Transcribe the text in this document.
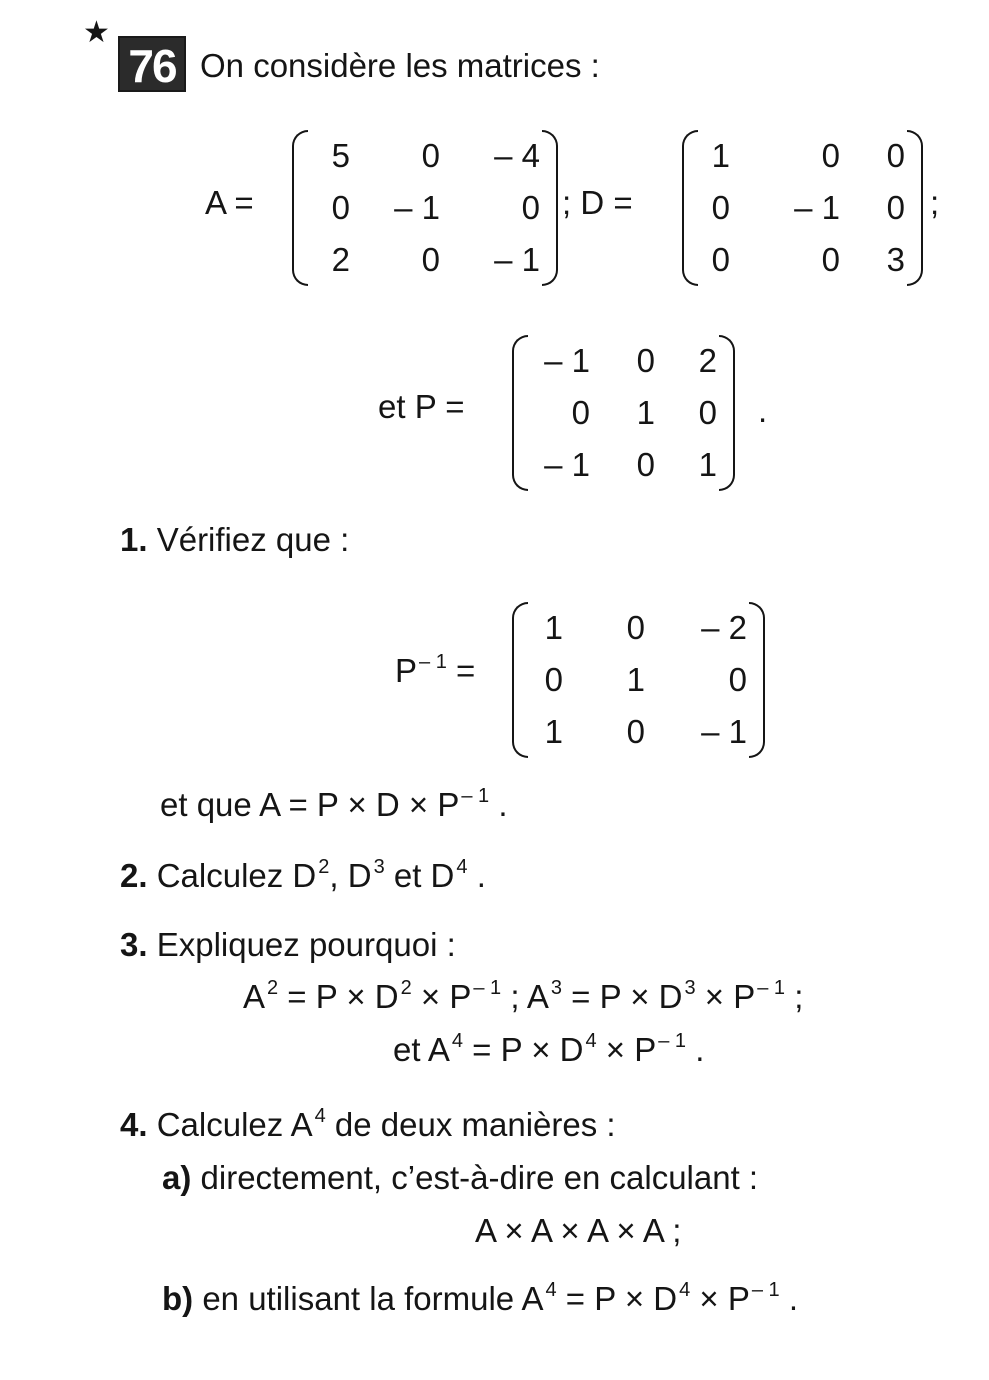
★
76 On considère les matrices :
A =
5	0	– 4
0	– 1	0
2	0	– 1
; D =
1	0	0
0	– 1	0
0	0	3
;
et P =
– 1	0	2
0	1	0
– 1	0	1
.
1. Vérifiez que :
P $^{- 1}$ =
1	0	– 2
0	1	0
1	0	– 1
et que A = P × D × P $^{- 1}$ .
2. Calculez D $^2$, D $^3$ et D $^4$ .
3. Expliquez pourquoi :
A $^2$ = P × D $^2$ × P $^{- 1}$ ; A $^3$ = P × D $^3$ × P $^{- 1}$ ;
et A $^4$ = P × D $^4$ × P $^{- 1}$ .
4. Calculez A $^4$ de deux manières :
a) directement, c’est-à-dire en calculant :
A × A × A × A ;
b) en utilisant la formule A $^4$ = P × D $^4$ × P $^{- 1}$ .
